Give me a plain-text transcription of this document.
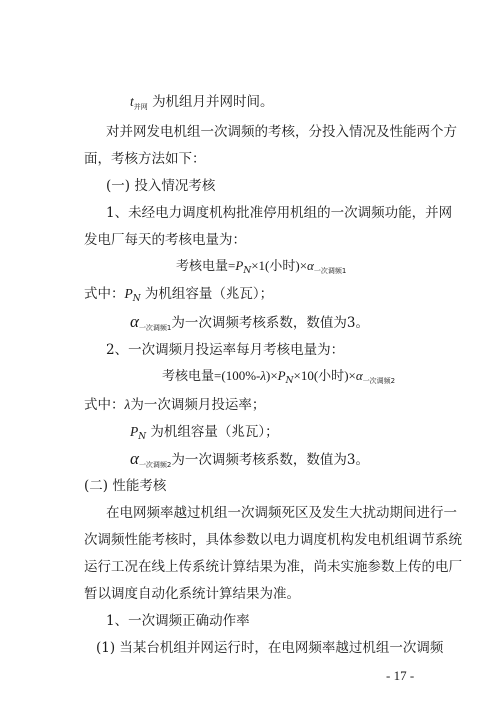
$t_{并网}$ 为机组月并网时间。
对并网发电机组一次调频的考核，分投入情况及性能两个方
面，考核方法如下：
(一) 投入情况考核
1、未经电力调度机构批准停用机组的一次调频功能，并网
发电厂每天的考核电量为：
考核电量$=P_N\times 1$(小时)$\times\alpha_{一次调频1}$
式中：$P_N$ 为机组容量（兆瓦）；
$\alpha_{一次调频1}$为一次调频考核系数，数值为3。
2、一次调频月投运率每月考核电量为：
考核电量$=(100\%-\lambda)\times P_N\times 10$(小时)$\times\alpha_{一次调频2}$
式中：λ为一次调频月投运率；
$P_N$ 为机组容量（兆瓦）；
$\alpha_{一次调频2}$为一次调频考核系数，数值为3。
(二) 性能考核
在电网频率越过机组一次调频死区及发生大扰动期间进行一
次调频性能考核时，具体参数以电力调度机构发电机组调节系统
运行工况在线上传系统计算结果为准，尚未实施参数上传的电厂
暂以调度自动化系统计算结果为准。
1、一次调频正确动作率
(1) 当某台机组并网运行时，在电网频率越过机组一次调频
- 17 -
